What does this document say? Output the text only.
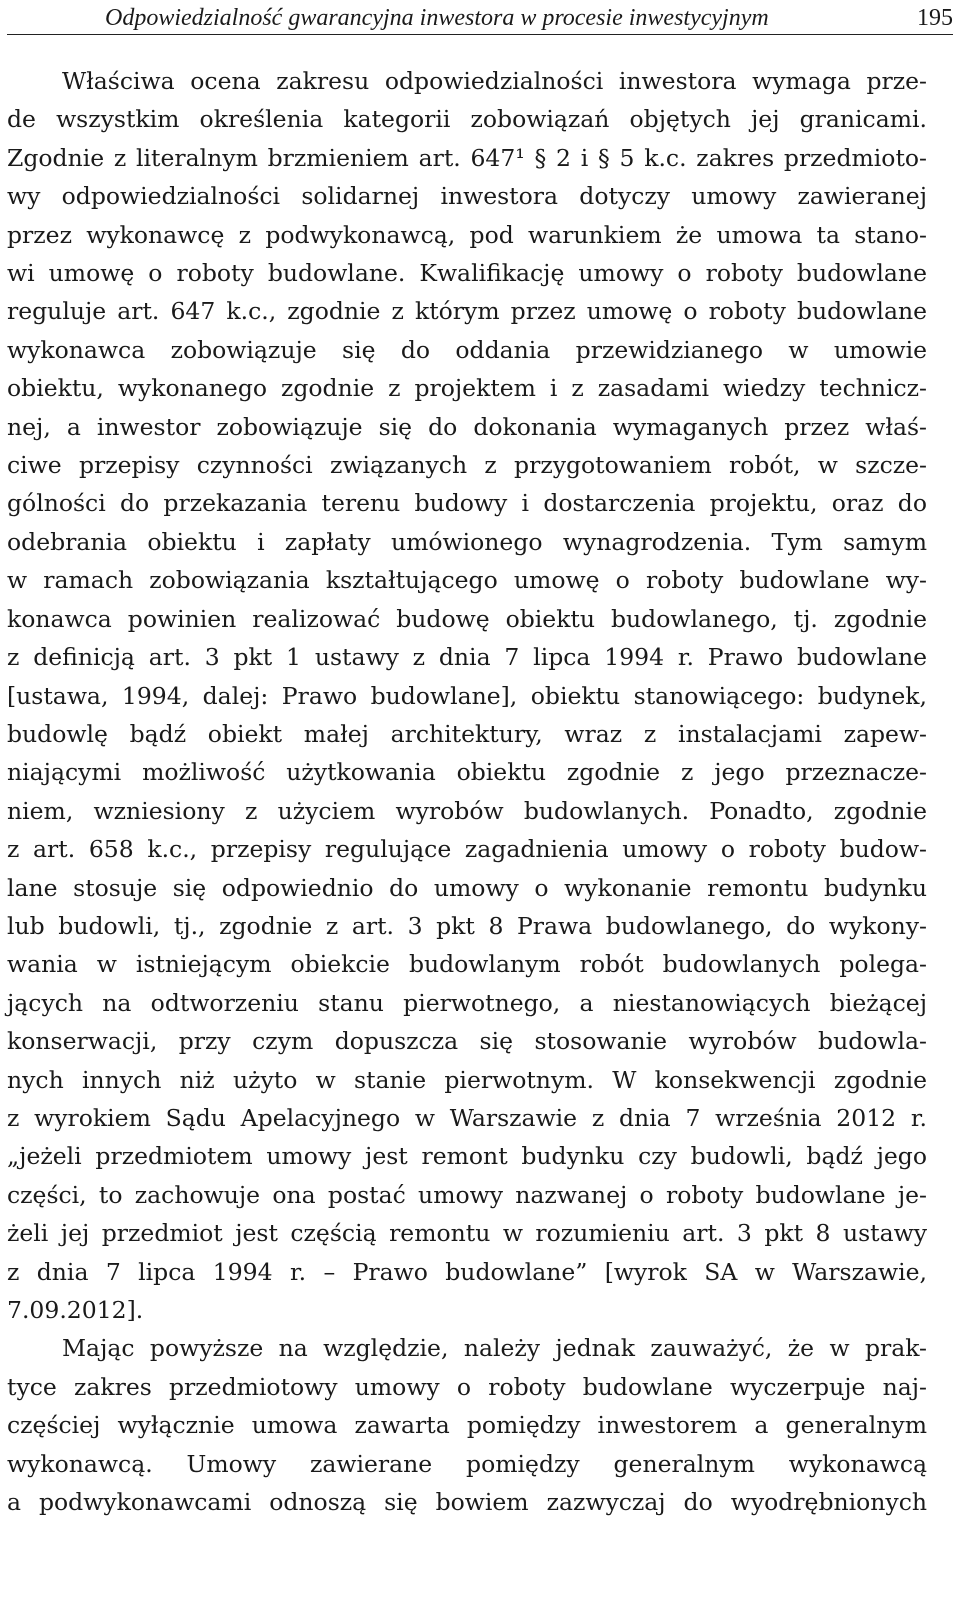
Odpowiedzialność gwarancyjna inwestora w procesie inwestycyjnym	195
Właściwa ocena zakresu odpowiedzialności inwestora wymaga prze-
de wszystkim określenia kategorii zobowiązań objętych jej granicami.
Zgodnie z literalnym brzmieniem art. 647¹ § 2 i § 5 k.c. zakres przedmioto-
wy odpowiedzialności solidarnej inwestora dotyczy umowy zawieranej
przez wykonawcę z podwykonawcą, pod warunkiem że umowa ta stano-
wi umowę o roboty budowlane. Kwalifikację umowy o roboty budowlane
reguluje art. 647 k.c., zgodnie z którym przez umowę o roboty budowlane
wykonawca zobowiązuje się do oddania przewidzianego w umowie
obiektu, wykonanego zgodnie z projektem i z zasadami wiedzy technicz-
nej, a inwestor zobowiązuje się do dokonania wymaganych przez właś-
ciwe przepisy czynności związanych z przygotowaniem robót, w szcze-
gólności do przekazania terenu budowy i dostarczenia projektu, oraz do
odebrania obiektu i zapłaty umówionego wynagrodzenia. Tym samym
w ramach zobowiązania kształtującego umowę o roboty budowlane wy-
konawca powinien realizować budowę obiektu budowlanego, tj. zgodnie
z definicją art. 3 pkt 1 ustawy z dnia 7 lipca 1994 r. Prawo budowlane
[ustawa, 1994, dalej: Prawo budowlane], obiektu stanowiącego: budynek,
budowlę bądź obiekt małej architektury, wraz z instalacjami zapew-
niającymi możliwość użytkowania obiektu zgodnie z jego przeznacze-
niem, wzniesiony z użyciem wyrobów budowlanych. Ponadto, zgodnie
z art. 658 k.c., przepisy regulujące zagadnienia umowy o roboty budow-
lane stosuje się odpowiednio do umowy o wykonanie remontu budynku
lub budowli, tj., zgodnie z art. 3 pkt 8 Prawa budowlanego, do wykony-
wania w istniejącym obiekcie budowlanym robót budowlanych polega-
jących na odtworzeniu stanu pierwotnego, a niestanowiących bieżącej
konserwacji, przy czym dopuszcza się stosowanie wyrobów budowla-
nych innych niż użyto w stanie pierwotnym. W konsekwencji zgodnie
z wyrokiem Sądu Apelacyjnego w Warszawie z dnia 7 września 2012 r.
„jeżeli przedmiotem umowy jest remont budynku czy budowli, bądź jego
części, to zachowuje ona postać umowy nazwanej o roboty budowlane je-
żeli jej przedmiot jest częścią remontu w rozumieniu art. 3 pkt 8 ustawy
z dnia 7 lipca 1994 r. – Prawo budowlane” [wyrok SA w Warszawie,
7.09.2012].
Mając powyższe na względzie, należy jednak zauważyć, że w prak-
tyce zakres przedmiotowy umowy o roboty budowlane wyczerpuje naj-
częściej wyłącznie umowa zawarta pomiędzy inwestorem a generalnym
wykonawcą. Umowy zawierane pomiędzy generalnym wykonawcą
a podwykonawcami odnoszą się bowiem zazwyczaj do wyodrębnionych
